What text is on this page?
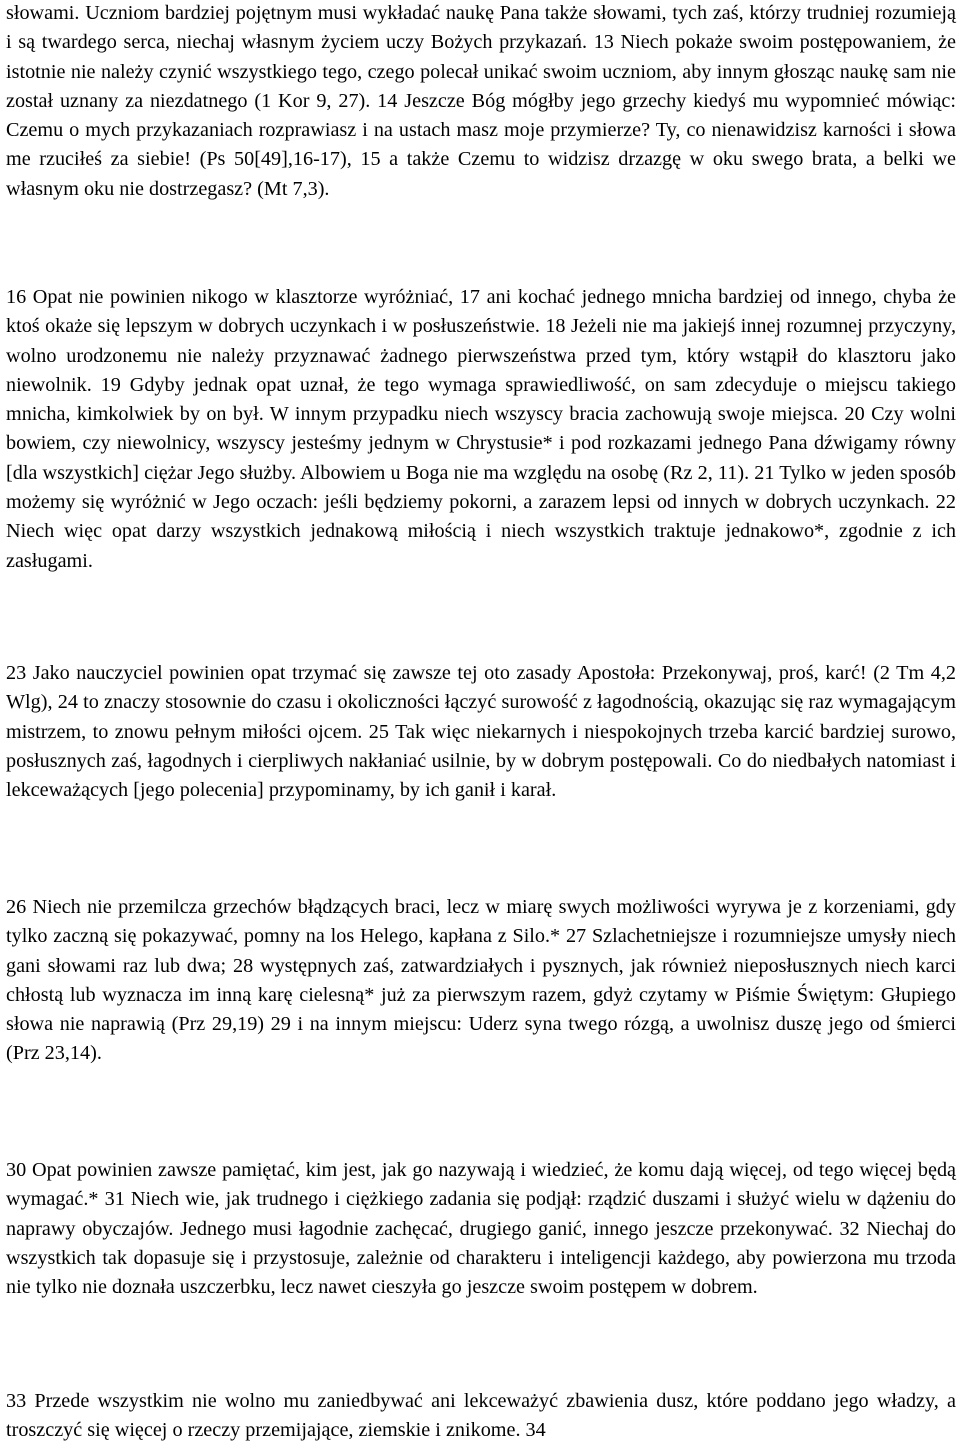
słowami. Uczniom bardziej pojętnym musi wykładać naukę Pana także słowami, tych zaś, którzy trudniej rozumieją i są twardego serca, niechaj własnym życiem uczy Bożych przykazań. 13 Niech pokaże swoim postępowaniem, że istotnie nie należy czynić wszystkiego tego, czego polecał unikać swoim uczniom, aby innym głosząc naukę sam nie został uznany za niezdatnego (1 Kor 9, 27). 14 Jeszcze Bóg mógłby jego grzechy kiedyś mu wypomnieć mówiąc: Czemu o mych przykazaniach rozprawiasz i na ustach masz moje przymierze? Ty, co nienawidzisz karności i słowa me rzuciłeś za siebie! (Ps 50[49],16-17), 15 a także Czemu to widzisz drzazgę w oku swego brata, a belki we własnym oku nie dostrzegasz? (Mt 7,3).

16 Opat nie powinien nikogo w klasztorze wyróżniać, 17 ani kochać jednego mnicha bardziej od innego, chyba że ktoś okaże się lepszym w dobrych uczynkach i w posłuszeństwie. 18 Jeżeli nie ma jakiejś innej rozumnej przyczyny, wolno urodzonemu nie należy przyznawać żadnego pierwszeństwa przed tym, który wstąpił do klasztoru jako niewolnik. 19 Gdyby jednak opat uznał, że tego wymaga sprawiedliwość, on sam zdecyduje o miejscu takiego mnicha, kimkolwiek by on był. W innym przypadku niech wszyscy bracia zachowują swoje miejsca. 20 Czy wolni bowiem, czy niewolnicy, wszyscy jesteśmy jednym w Chrystusie* i pod rozkazami jednego Pana dźwigamy równy [dla wszystkich] ciężar Jego służby. Albowiem u Boga nie ma względu na osobę (Rz 2, 11). 21 Tylko w jeden sposób możemy się wyróżnić w Jego oczach: jeśli będziemy pokorni, a zarazem lepsi od innych w dobrych uczynkach. 22 Niech więc opat darzy wszystkich jednakową miłością i niech wszystkich traktuje jednakowo*, zgodnie z ich zasługami.

23 Jako nauczyciel powinien opat trzymać się zawsze tej oto zasady Apostoła: Przekonywaj, proś, karć! (2 Tm 4,2 Wlg), 24 to znaczy stosownie do czasu i okoliczności łączyć surowość z łagodnością, okazując się raz wymagającym mistrzem, to znowu pełnym miłości ojcem. 25 Tak więc niekarnych i niespokojnych trzeba karcić bardziej surowo, posłusznych zaś, łagodnych i cierpliwych nakłaniać usilnie, by w dobrym postępowali. Co do niedbałych natomiast i lekceważących [jego polecenia] przypominamy, by ich ganił i karał.

26 Niech nie przemilcza grzechów błądzących braci, lecz w miarę swych możliwości wyrywa je z korzeniami, gdy tylko zaczną się pokazywać, pomny na los Helego, kapłana z Silo.* 27 Szlachetniejsze i rozumniejsze umysły niech gani słowami raz lub dwa; 28 występnych zaś, zatwardziałych i pysznych, jak również nieposłusznych niech karci chłostą lub wyznacza im inną karę cielesną* już za pierwszym razem, gdyż czytamy w Piśmie Świętym: Głupiego słowa nie naprawią (Prz 29,19) 29 i na innym miejscu: Uderz syna twego rózgą, a uwolnisz duszę jego od śmierci (Prz 23,14).

30 Opat powinien zawsze pamiętać, kim jest, jak go nazywają i wiedzieć, że komu dają więcej, od tego więcej będą wymagać.* 31 Niech wie, jak trudnego i ciężkiego zadania się podjął: rządzić duszami i służyć wielu w dążeniu do naprawy obyczajów. Jednego musi łagodnie zachęcać, drugiego ganić, innego jeszcze przekonywać. 32 Niechaj do wszystkich tak dopasuje się i przystosuje, zależnie od charakteru i inteligencji każdego, aby powierzona mu trzoda nie tylko nie doznała uszczerbku, lecz nawet cieszyła go jeszcze swoim postępem w dobrem.

33 Przede wszystkim nie wolno mu zaniedbywać ani lekceważyć zbawienia dusz, które poddano jego władzy, a troszczyć się więcej o rzeczy przemijające, ziemskie i znikome. 34
